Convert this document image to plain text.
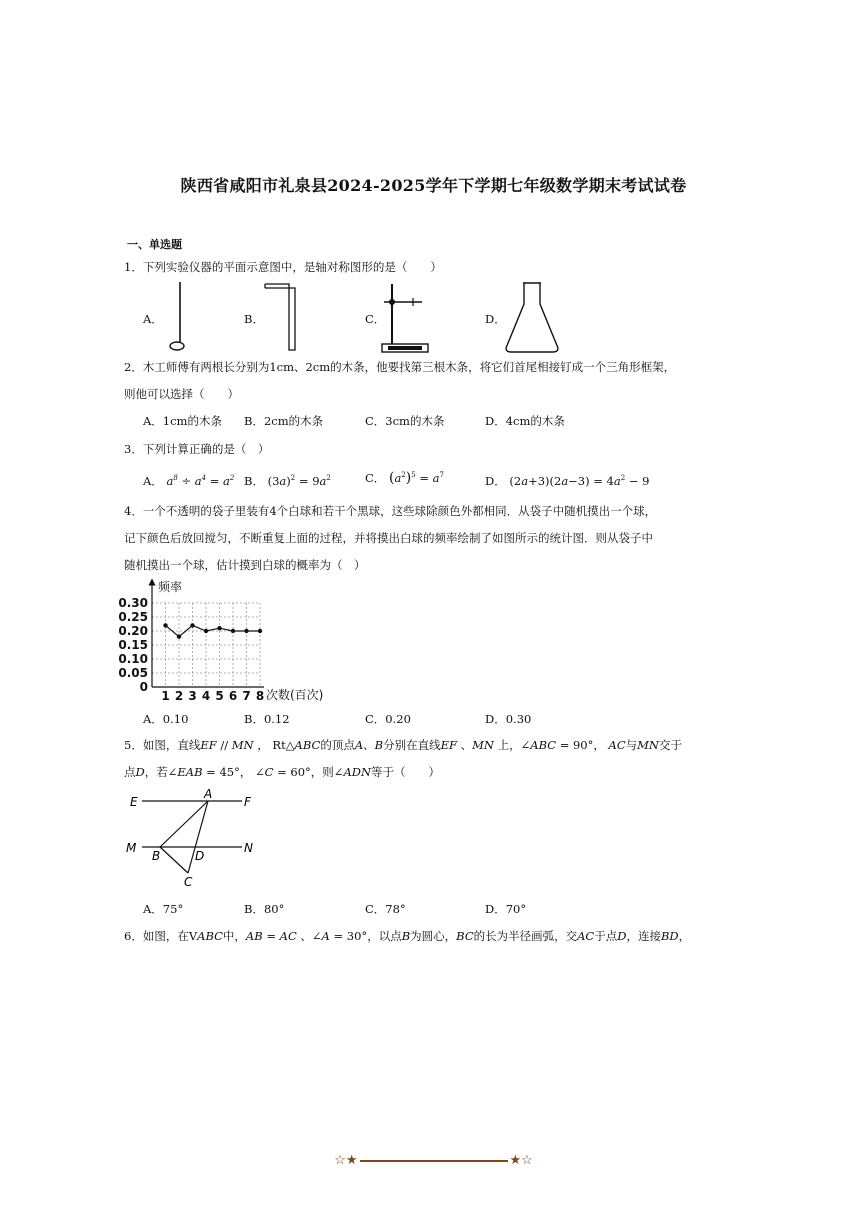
陕西省咸阳市礼泉县2024-2025学年下学期七年级数学期末考试试卷
一、单选题
1．下列实验仪器的平面示意图中，是轴对称图形的是（　　）
A．	B．	C．	D．
2．木工师傅有两根长分别为1cm、2cm的木条，他要找第三根木条，将它们首尾相接钉成一个三角形框架，
则他可以选择（　　）
A．1cm的木条 B．2cm的木条	C．3cm的木条	D．4cm的木条
3．下列计算正确的是（　）
A． $a^8 \div a^4 = a^2$ B． $(3a)^2 = 9a^2$	C． $(a^2)^5 = a^7$	D． $(2a+3)(2a-3) = 4a^2 - 9$
4．一个不透明的袋子里装有4个白球和若干个黑球，这些球除颜色外都相同．从袋子中随机摸出一个球，
记下颜色后放回搅匀，不断重复上面的过程，并将摸出白球的频率绘制了如图所示的统计图．则从袋子中
随机摸出一个球，估计摸到白球的概率为（　）
频率
次数(百次)
0.30
0.25
0.20
0.15
0.10
0.05
0
1 2 3 4 5 6 7 8
A．0.10	B．0.12	C．0.20	D．0.30
5．如图，直线EF // MN ， Rt△ABC的顶点A、B分别在直线EF 、MN 上，∠ABC = 90°， AC与MN交于
点D，若∠EAB = 45°， ∠C = 60°，则∠ADN等于（　　）
E
A
F
M
B	D
N
C
A．75°	B．80°	C．78°	D．70°
6．如图，在VABC中，AB = AC 、∠A = 30°，以点B为圆心，BC的长为半径画弧，交AC于点D，连接BD，
☆★	★☆
